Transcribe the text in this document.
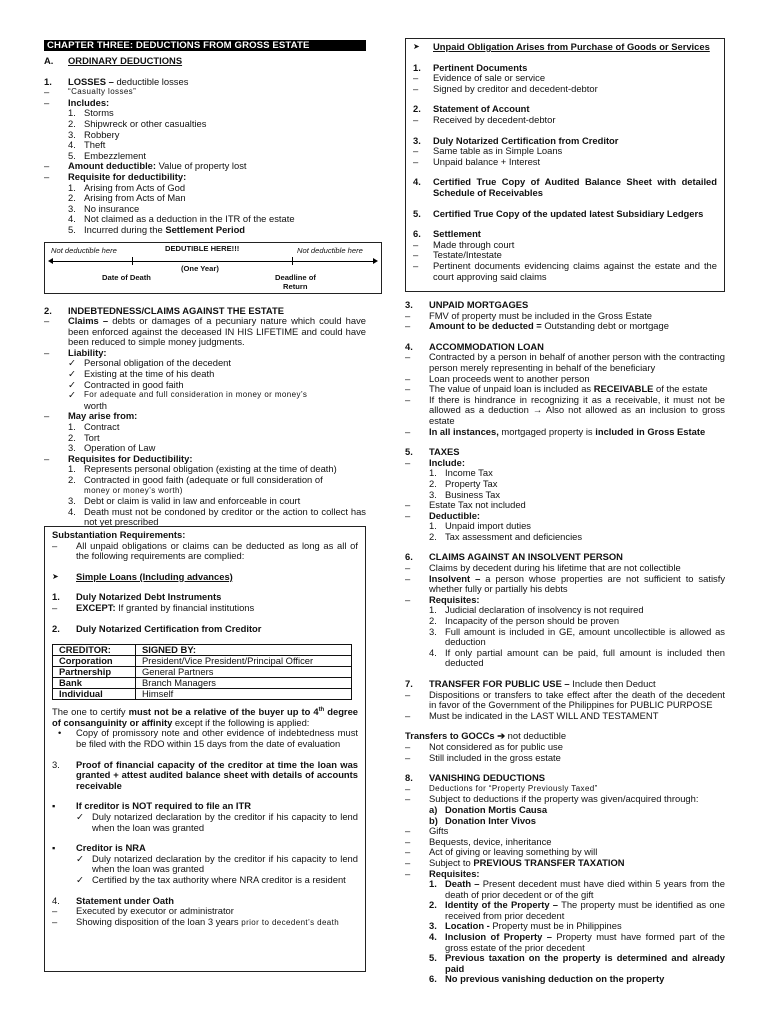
CHAPTER THREE: DEDUCTIONS FROM GROSS ESTATE
A.	ORDINARY DEDUCTIONS
1.	LOSSES – deductible losses
–	“Casualty losses”
–	Includes:
1. Storms
2. Shipwreck or other casualties
3. Robbery
4. Theft
5. Embezzlement
–	Amount deductible: Value of property lost
–	Requisite for deductibility:
1. Arising from Acts of God
2. Arising from Acts of Man
3. No insurance
4. Not claimed as a deduction in the ITR of the estate
5. Incurred during the Settlement Period
Not deductible here	DEDUTIBLE HERE!!!	Not deductible here
(One Year)
Date of Death	Deadline of
Return
2.	INDEBTEDNESS/CLAIMS AGAINST THE ESTATE
–	Claims – debts or damages of a pecuniary nature which could have been enforced against the deceased IN HIS LIFETIME and could have been reduced to simple money judgments.
–	Liability:
✓ Personal obligation of the decedent
✓ Existing at the time of his death
✓ Contracted in good faith
✓	For adequate and full consideration in money or money’s
worth
–	May arise from:
1. Contract
2. Tort
3. Operation of Law
–	Requisites for Deductibility:
1. Represents personal obligation (existing at the time of death)
2. Contracted in good faith (adequate or full consideration of
money or money’s worth)
3. Debt or claim is valid in law and enforceable in court
4. Death must not be condoned by creditor or the action to collect has not yet prescribed
Substantiation Requirements:
–	All unpaid obligations or claims can be deducted as long as all of the following requirements are complied:
➤	Simple Loans (Including advances)
1.	Duly Notarized Debt Instruments
–	EXCEPT: If granted by financial institutions
2.	Duly Notarized Certification from Creditor
CREDITOR:	SIGNED BY:
Corporation	President/Vice President/Principal Officer
Partnership	General Partners
Bank	Branch Managers
Individual	Himself
The one to certify must not be a relative of the buyer up to 4th degree of consanguinity or affinity except if the following is applied:
•	Copy of promissory note and other evidence of indebtedness must be filed with the RDO within 15 days from the date of evaluation
3.	Proof of financial capacity of the creditor at time the loan was granted + attest audited balance sheet with details of accounts receivable
▪	If creditor is NOT required to file an ITR
✓ Duly notarized declaration by the creditor if his capacity to lend when the loan was granted
▪	Creditor is NRA
✓ Duly notarized declaration by the creditor if his capacity to lend when the loan was granted
✓ Certified by the tax authority where NRA creditor is a resident
4.	Statement under Oath
–	Executed by executor or administrator
–	Showing disposition of the loan 3 years prior to decedent’s death
➤	Unpaid Obligation Arises from Purchase of Goods or Services
1.	Pertinent Documents
–	Evidence of sale or service
–	Signed by creditor and decedent-debtor
2.	Statement of Account
–	Received by decedent-debtor
3.	Duly Notarized Certification from Creditor
–	Same table as in Simple Loans
–	Unpaid balance + Interest
4.	Certified True Copy of Audited Balance Sheet with detailed Schedule of Receivables
5.	Certified True Copy of the updated latest Subsidiary Ledgers
6.	Settlement
–	Made through court
–	Testate/Intestate
–	Pertinent documents evidencing claims against the estate and the court approving said claims
3.	UNPAID MORTGAGES
–	FMV of property must be included in the Gross Estate
–	Amount to be deducted = Outstanding debt or mortgage
4.	ACCOMMODATION LOAN
–	Contracted by a person in behalf of another person with the contracting person merely representing in behalf of the beneficiary
–	Loan proceeds went to another person
–	The value of unpaid loan is included as RECEIVABLE of the estate
–	If there is hindrance in recognizing it as a receivable, it must not be allowed as a deduction → Also not allowed as an inclusion to gross estate
–	In all instances, mortgaged property is included in Gross Estate
5.	TAXES
–	Include:
1. Income Tax
2. Property Tax
3. Business Tax
–	Estate Tax not included
–	Deductible:
1. Unpaid import duties
2. Tax assessment and deficiencies
6.	CLAIMS AGAINST AN INSOLVENT PERSON
–	Claims by decedent during his lifetime that are not collectible
–	Insolvent – a person whose properties are not sufficient to satisfy whether fully or partially his debts
–	Requisites:
1. Judicial declaration of insolvency is not required
2. Incapacity of the person should be proven
3. Full amount is included in GE, amount uncollectible is allowed as deduction
4. If only partial amount can be paid, full amount is included then deducted
7.	TRANSFER FOR PUBLIC USE – Include then Deduct
–	Dispositions or transfers to take effect after the death of the decedent in favor of the Government of the Philippines for PUBLIC PURPOSE
–	Must be indicated in the LAST WILL AND TESTAMENT
Transfers to GOCCs ➔ not deductible
–	Not considered as for public use
–	Still included in the gross estate
8.	VANISHING DEDUCTIONS
–	Deductions for “Property Previously Taxed”
–	Subject to deductions if the property was given/acquired through:
a) Donation Mortis Causa
b) Donation Inter Vivos
–	Gifts
–	Bequests, device, inheritance
–	Act of giving or leaving something by will
–	Subject to PREVIOUS TRANSFER TAXATION
–	Requisites:
1. Death – Present decedent must have died within 5 years from the death of prior decedent or of the gift
2. Identity of the Property – The property must be identified as one received from prior decedent
3. Location - Property must be in Philippines
4. Inclusion of Property – Property must have formed part of the gross estate of the prior decedent
5. Previous taxation on the property is determined and already paid
6. No previous vanishing deduction on the property
